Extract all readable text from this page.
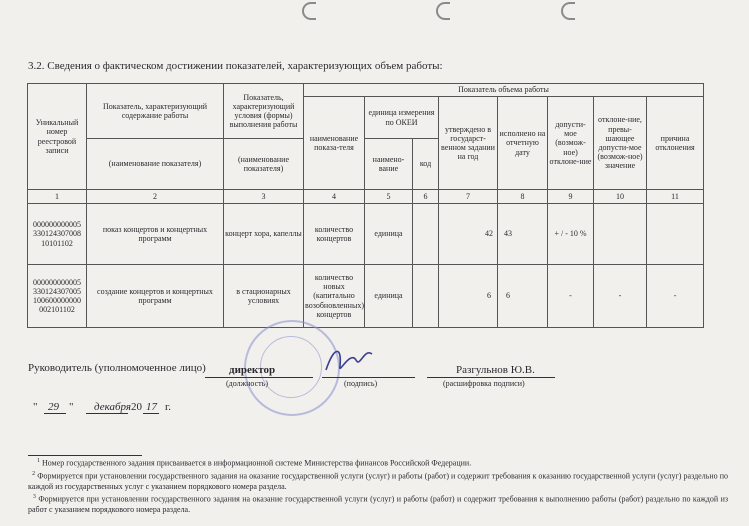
3.2. Сведения о фактическом достижении показателей, характеризующих объем работы:
Уникальный номер реестровой записи	Показатель, характеризующий содержание работы	Показатель, характеризующий условия (формы) выполнения работы	Показатель объема работы							
			наименование показа-теля	единица измерения по ОКЕИ		утверждено в государст-венном задании на год	исполнено на отчетную дату	допусти-мое (возмож-ное) отклоне-ние	отклоне-ние, превы-шающее допусти-мое (возмож-ное) значение	причина отклонения
	(наименование показателя)	(наименование показателя)		наимено-вание	код					
1	2	3	4	5	6	7	8	9	10	11
000000000005 330124307008 10101102	показ концертов и концертных программ	концерт хора, капеллы	количество концертов	единица		42	43	+ / - 10 %		
000000000005 330124307005 100600000000 002101102	создание концертов и концертных программ	в стационарных условиях	количество новых (капитально возобновленных) концертов	единица		6	6	-	-	-
Руководитель (уполномоченное лицо) директор
(должность)	(подпись)
Разгульнов Ю.В.
(расшифровка подписи)
" 29 " декабря 20 17 г.
$^1$ Номер государственного задания присваивается в информационной системе Министерства финансов Российской Федерации.
$^2$ Формируется при установлении государственного задания на оказание государственной услуги (услуг) и работы (работ) и содержит требования к оказанию государственной услуги (услуг) раздельно по каждой из государственных услуг с указанием порядкового номера раздела.
$^3$ Формируется при установлении государственного задания на оказание государственной услуги (услуг) и работы (работ) и содержит требования к выполнению работы (работ) раздельно по каждой из работ с указанием порядкового номера раздела.
